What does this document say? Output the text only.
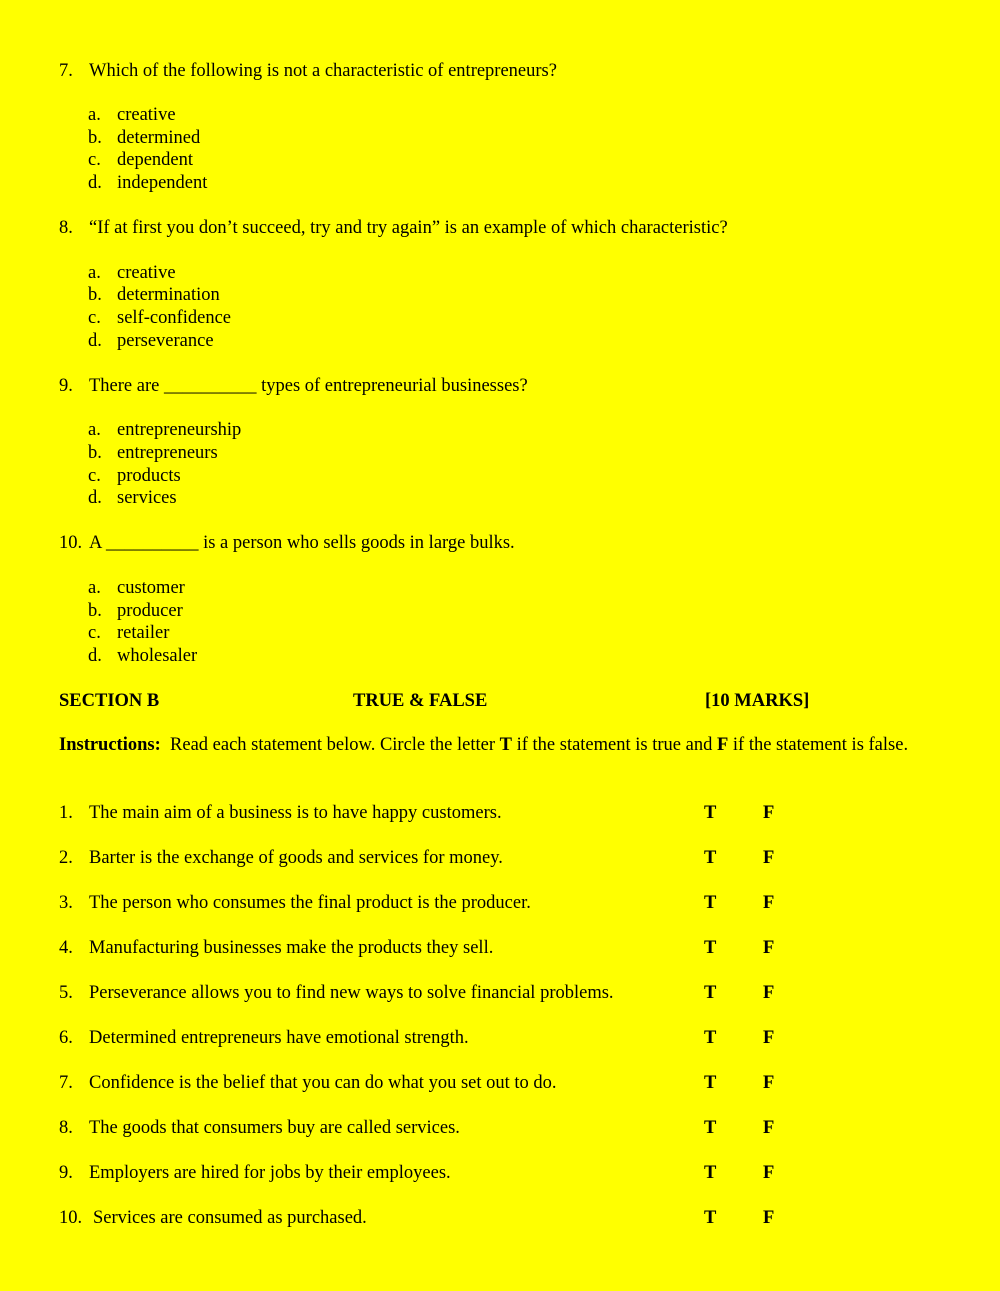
7. Which of the following is not a characteristic of entrepreneurs?
a. creative
b. determined
c. dependent
d. independent
8. “If at first you don’t succeed, try and try again” is an example of which characteristic?
a. creative
b. determination
c. self-confidence
d. perseverance
9. There are __________ types of entrepreneurial businesses?
a. entrepreneurship
b. entrepreneurs
c. products
d. services
10. A __________ is a person who sells goods in large bulks.
a. customer
b. producer
c. retailer
d. wholesaler
SECTION B	TRUE & FALSE	[10 MARKS]
Instructions: Read each statement below. Circle the letter T if the statement is true and F if the statement is false.
1. The main aim of a business is to have happy customers.	T	F
2. Barter is the exchange of goods and services for money.	T	F
3. The person who consumes the final product is the producer.	T	F
4. Manufacturing businesses make the products they sell.	T	F
5. Perseverance allows you to find new ways to solve financial problems.	T	F
6. Determined entrepreneurs have emotional strength.	T	F
7. Confidence is the belief that you can do what you set out to do.	T	F
8. The goods that consumers buy are called services.	T	F
9. Employers are hired for jobs by their employees.	T	F
10. Services are consumed as purchased.	T	F
